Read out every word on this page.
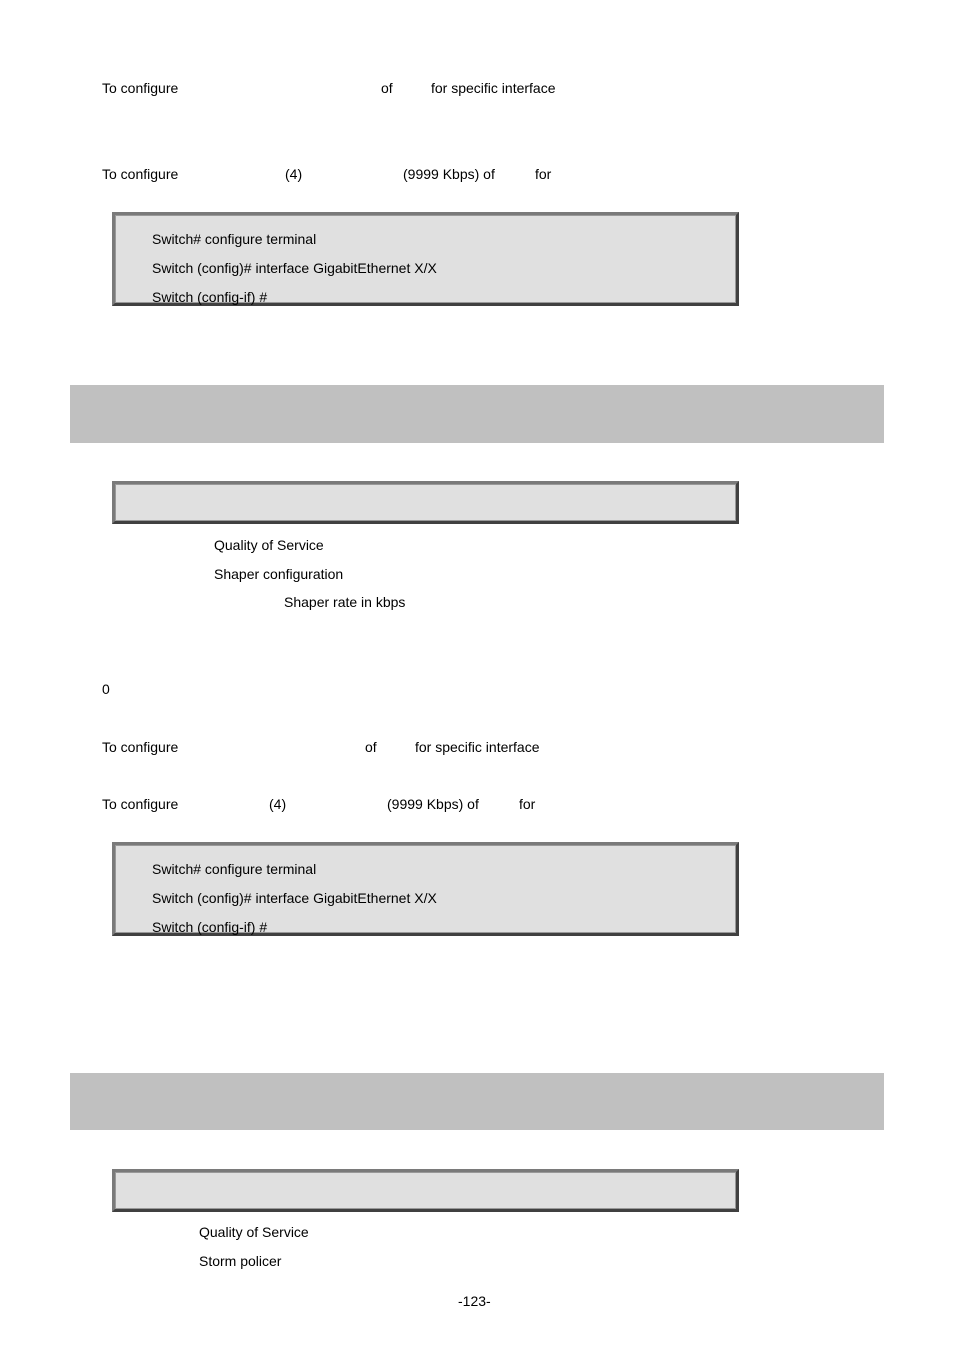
To configure	of	for specific interface
To configure	(4)	(9999 Kbps) of	for
Switch# configure terminal
Switch (config)# interface GigabitEthernet X/X
Switch (config-if) #
Quality of Service
Shaper configuration
Shaper rate in kbps
0
To configure	of	for specific interface
To configure	(4)	(9999 Kbps) of	for
Switch# configure terminal
Switch (config)# interface GigabitEthernet X/X
Switch (config-if) #
Quality of Service
Storm policer
-123-
